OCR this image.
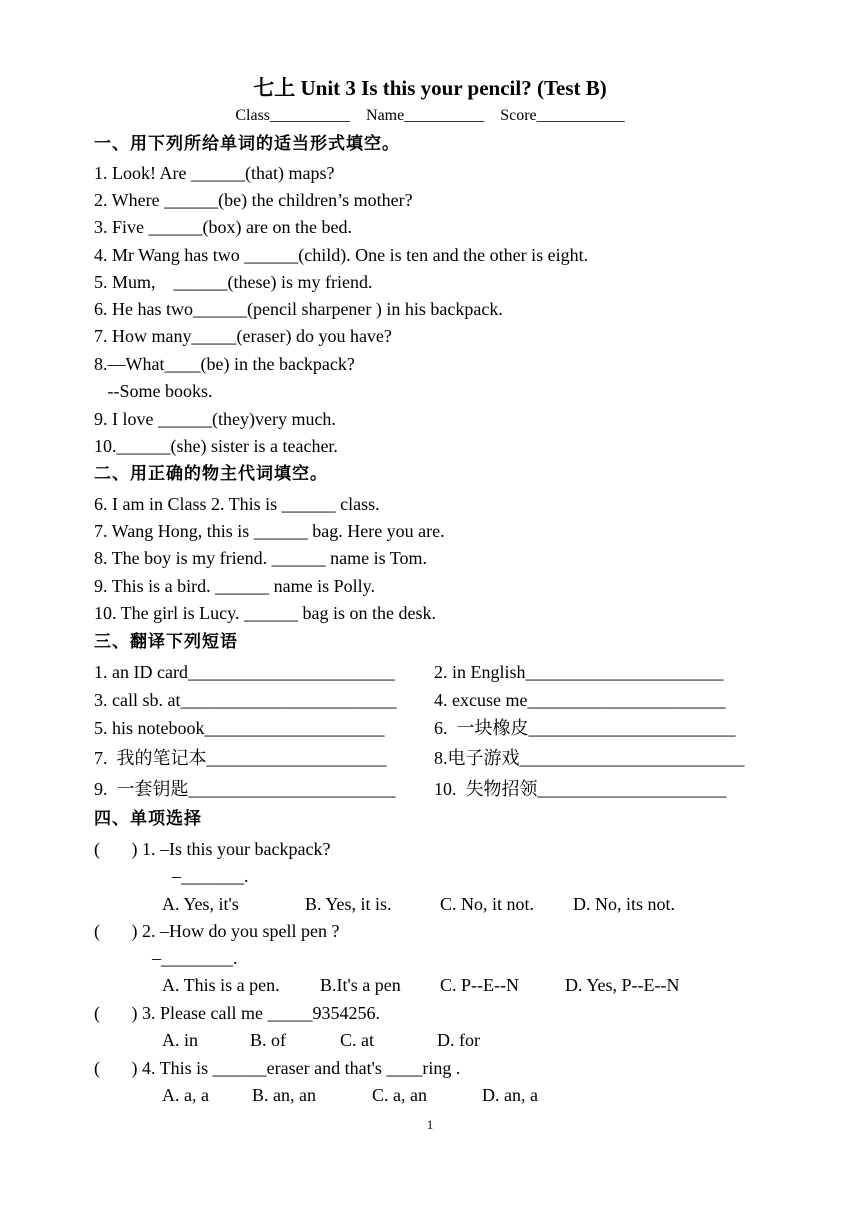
七上 Unit 3 Is this your pencil? (Test B)
Class__________    Name__________    Score___________
一、用下列所给单词的适当形式填空。
1. Look! Are ______(that) maps?
2. Where ______(be) the children’s mother?
3. Five ______(box) are on the bed.
4. Mr Wang has two ______(child). One is ten and the other is eight.
5. Mum,    ______(these) is my friend.
6. He has two______(pencil sharpener ) in his backpack.
7. How many_____(eraser) do you have?
8.—What____(be) in the backpack?
--Some books.
9. I love ______(they)very much.
10.______(she) sister is a teacher.
二、用正确的物主代词填空。
6. I am in Class 2. This is ______ class.
7. Wang Hong, this is ______ bag. Here you are.
8. The boy is my friend. ______ name is Tom.
9. This is a bird. ______ name is Polly.
10. The girl is Lucy. ______ bag is on the desk.
三、翻译下列短语
1. an ID card_______________________ 2. in English______________________
3. call sb. at________________________ 4. excuse me______________________
5. his notebook____________________	6.  一块橡皮_______________________
7.  我的笔记本____________________	8.电子游戏_________________________
9.  一套钥匙_______________________ 10.  失物招领_____________________
四、单项选择
(       ) 1. –Is this your backpack?
–_______.
A. Yes, it's	B. Yes, it is.	C. No, it not. D. No, its not.
(       ) 2. –How do you spell pen ?
–________.
A. This is a pen. B.It's a pen C. P--E--N	D. Yes, P--E--N
(       ) 3. Please call me _____9354256.
A. in	B. of	C. at	D. for
(       ) 4. This is ______eraser and that's ____ring .
A. a, a B. an, an	C. a, an	D. an, a
1
